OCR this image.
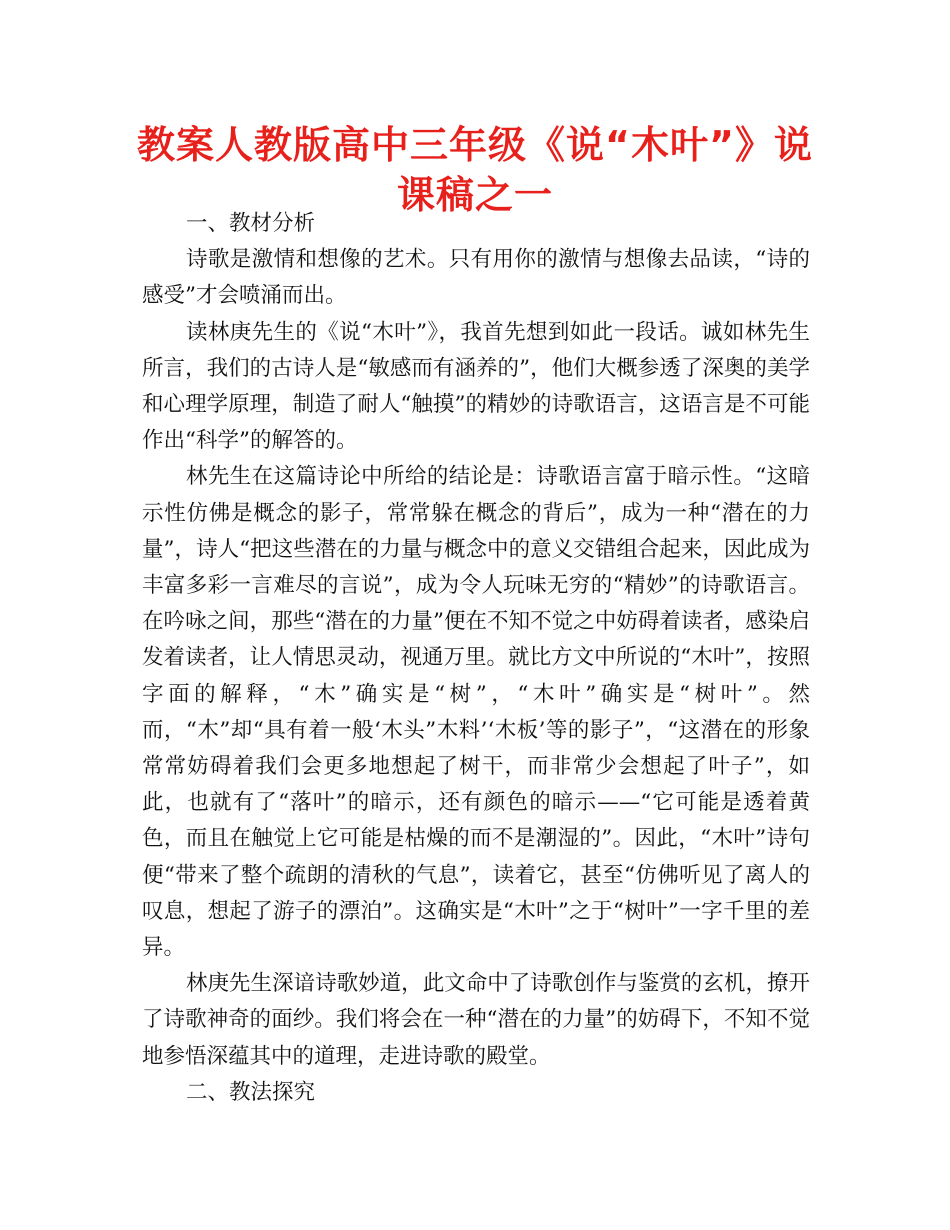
教案人教版高中三年级《说“木叶”》说
课稿之一

一、教材分析

诗歌是激情和想像的艺术。只有用你的激情与想像去品读，“诗的感受”才会喷涌而出。

读林庚先生的《说“木叶”》，我首先想到如此一段话。诚如林先生所言，我们的古诗人是“敏感而有涵养的”，他们大概参透了深奥的美学和心理学原理，制造了耐人“触摸”的精妙的诗歌语言，这语言是不可能作出“科学”的解答的。

林先生在这篇诗论中所给的结论是：诗歌语言富于暗示性。“这暗示性仿佛是概念的影子，常常躲在概念的背后”，成为一种“潜在的力量”，诗人“把这些潜在的力量与概念中的意义交错组合起来，因此成为丰富多彩一言难尽的言说”，成为令人玩味无穷的“精妙”的诗歌语言。在吟咏之间，那些“潜在的力量”便在不知不觉之中妨碍着读者，感染启发着读者，让人情思灵动，视通万里。就比方文中所说的“木叶”，按照字面的解释，“木”确实是“树”，“木叶”确实是“树叶”。然而，“木”却“具有着一般‘木头”木料’‘木板’等的影子”，“这潜在的形象常常妨碍着我们会更多地想起了树干，而非常少会想起了叶子”，如此，也就有了“落叶”的暗示，还有颜色的暗示——“它可能是透着黄色，而且在触觉上它可能是枯燥的而不是潮湿的”。因此，“木叶”诗句便“带来了整个疏朗的清秋的气息”，读着它，甚至“仿佛听见了离人的叹息，想起了游子的漂泊”。这确实是“木叶”之于“树叶”一字千里的差异。

林庚先生深谙诗歌妙道，此文命中了诗歌创作与鉴赏的玄机，撩开了诗歌神奇的面纱。我们将会在一种“潜在的力量”的妨碍下，不知不觉地参悟深蕴其中的道理，走进诗歌的殿堂。

二、教法探究
